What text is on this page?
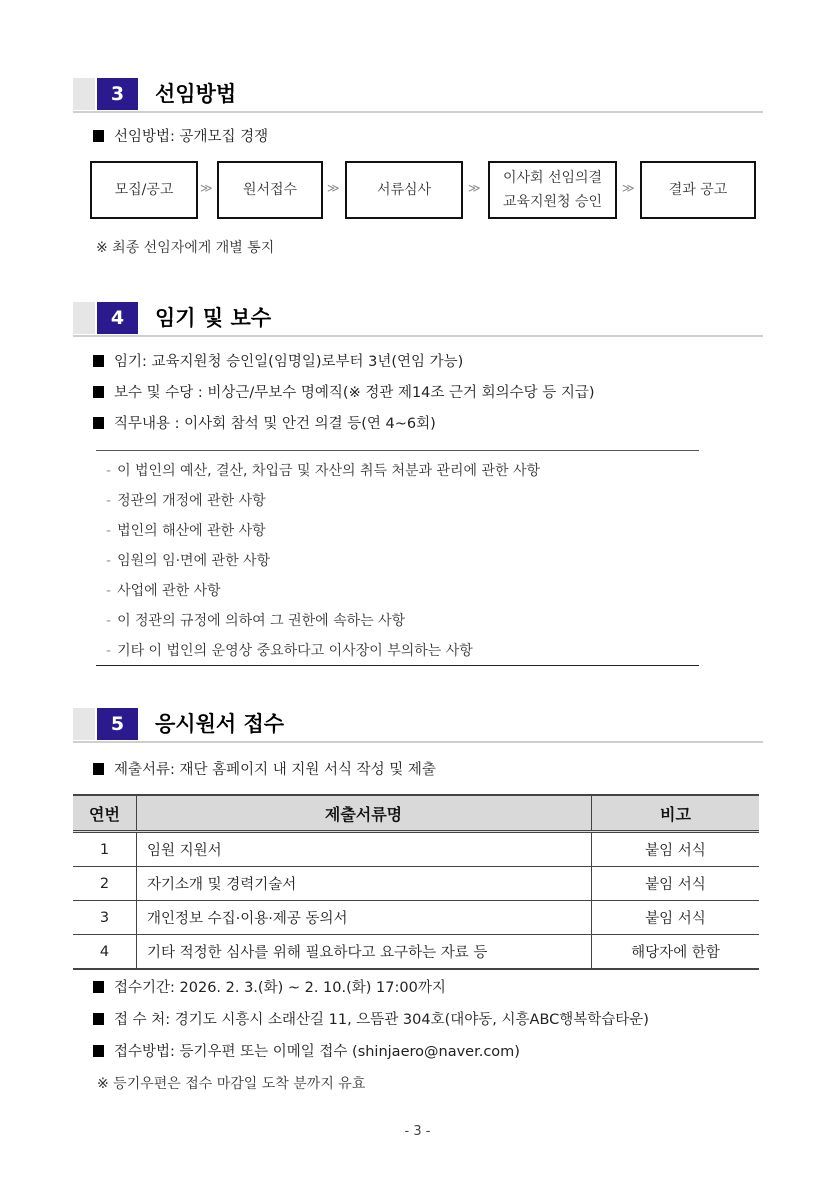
3	선임방법
선임방법: 공개모집 경쟁
모집/공고 ≫ 원서접수 ≫	서류심사	≫
이사회 선임의결
교육지원청 승인
≫ 결과 공고
※ 최종 선임자에게 개별 통지
4	임기 및 보수
임기: 교육지원청 승인일(임명일)로부터 3년(연임 가능)
보수 및 수당 : 비상근/무보수 명예직(※ 정관 제14조 근거 회의수당 등 지급)
직무내용 : 이사회 참석 및 안건 의결 등(연 4~6회)
- 이 법인의 예산, 결산, 차입금 및 자산의 취득 처분과 관리에 관한 사항
- 정관의 개정에 관한 사항
- 법인의 해산에 관한 사항
- 임원의 임·면에 관한 사항
- 사업에 관한 사항
- 이 정관의 규정에 의하여 그 권한에 속하는 사항
- 기타 이 법인의 운영상 중요하다고 이사장이 부의하는 사항
5	응시원서 접수
제출서류: 재단 홈페이지 내 지원 서식 작성 및 제출
연번	제출서류명	비고
1	임원 지원서	붙임 서식
2	자기소개 및 경력기술서	붙임 서식
3	개인정보 수집·이용·제공 동의서	붙임 서식
4	기타 적정한 심사를 위해 필요하다고 요구하는 자료 등	해당자에 한함
접수기간: 2026. 2. 3.(화) ~ 2. 10.(화) 17:00까지
접 수 처: 경기도 시흥시 소래산길 11, 으뜸관 304호(대야동, 시흥ABC행복학습타운)
접수방법: 등기우편 또는 이메일 접수 (shinjaero@naver.com)
※ 등기우편은 접수 마감일 도착 분까지 유효
- 3 -
